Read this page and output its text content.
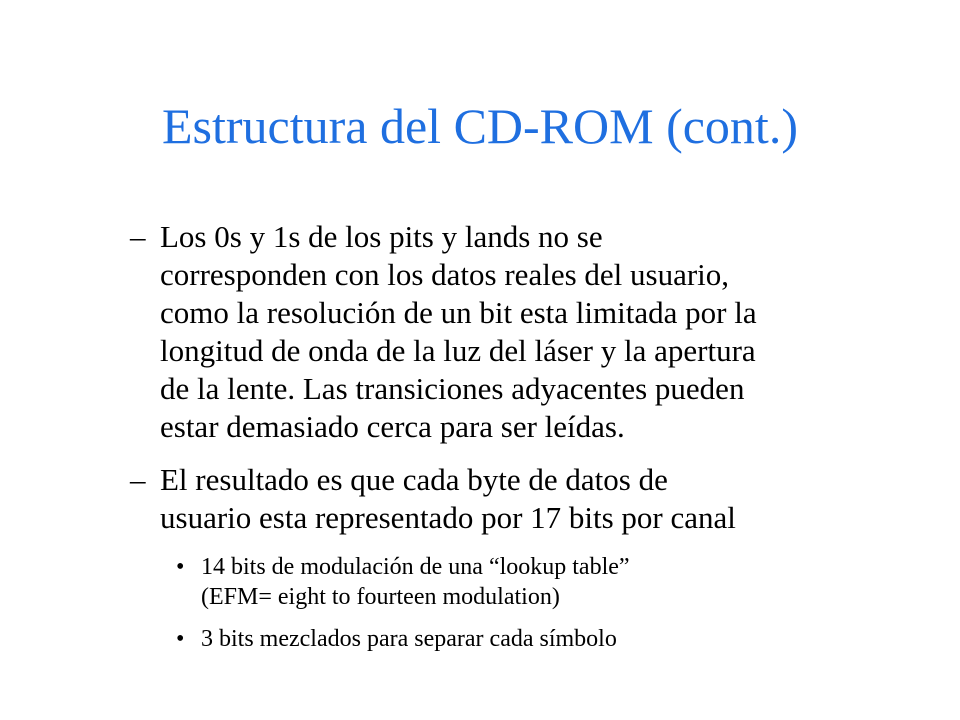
Estructura del CD-ROM (cont.)
– Los 0s y 1s de los pits y lands no se
corresponden con los datos reales del usuario,
como la resolución de un bit esta limitada por la
longitud de onda de la luz del láser y la apertura
de la lente. Las transiciones adyacentes pueden
estar demasiado cerca para ser leídas.
– El resultado es que cada byte de datos de
usuario esta representado por 17 bits por canal
• 14 bits de modulación de una “lookup table”
(EFM= eight to fourteen modulation)
• 3 bits mezclados para separar cada símbolo
